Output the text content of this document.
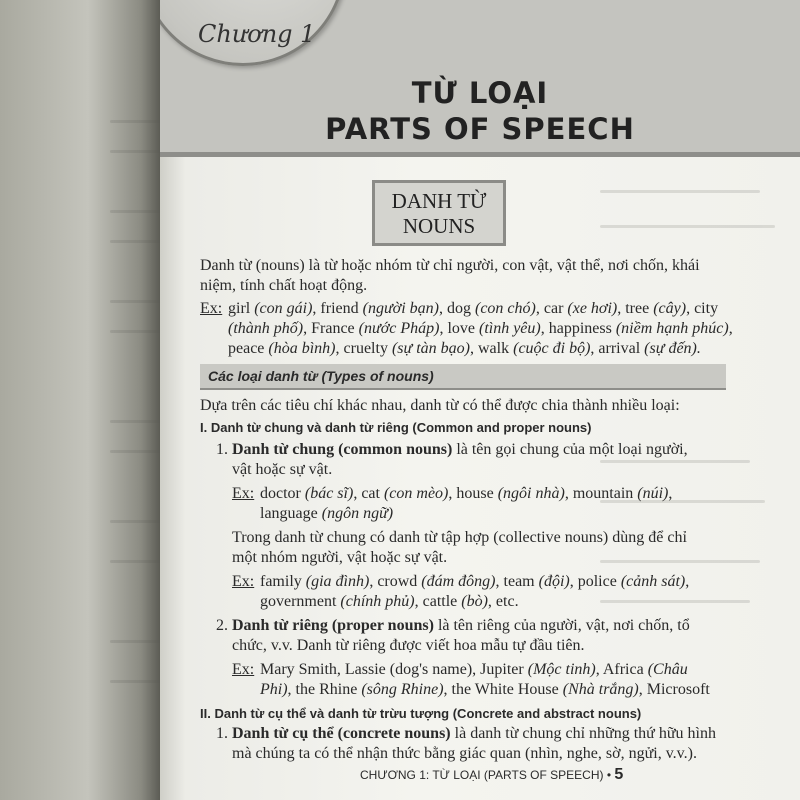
Chương 1
TỪ LOẠI
PARTS OF SPEECH
DANH TỪ
NOUNS
Danh từ (nouns) là từ hoặc nhóm từ chỉ người, con vật, vật thể, nơi chốn, khái
niệm, tính chất hoạt động.
Ex: girl (con gái), friend (người bạn), dog (con chó), car (xe hơi), tree (cây), city
(thành phố), France (nước Pháp), love (tình yêu), happiness (niềm hạnh phúc),
peace (hòa bình), cruelty (sự tàn bạo), walk (cuộc đi bộ), arrival (sự đến).
Các loại danh từ (Types of nouns)
Dựa trên các tiêu chí khác nhau, danh từ có thể được chia thành nhiều loại:
I. Danh từ chung và danh từ riêng (Common and proper nouns)
1. Danh từ chung (common nouns) là tên gọi chung của một loại người,
vật hoặc sự vật.
Ex: doctor (bác sĩ), cat (con mèo), house (ngôi nhà), mountain (núi),
language (ngôn ngữ)
Trong danh từ chung có danh từ tập hợp (collective nouns) dùng để chỉ
một nhóm người, vật hoặc sự vật.
Ex: family (gia đình), crowd (đám đông), team (đội), police (cảnh sát),
government (chính phủ), cattle (bò), etc.
2. Danh từ riêng (proper nouns) là tên riêng của người, vật, nơi chốn, tổ
chức, v.v. Danh từ riêng được viết hoa mẫu tự đầu tiên.
Ex: Mary Smith, Lassie (dog's name), Jupiter (Mộc tinh), Africa (Châu
Phi), the Rhine (sông Rhine), the White House (Nhà trắng), Microsoft
II. Danh từ cụ thể và danh từ trừu tượng (Concrete and abstract nouns)
1. Danh từ cụ thể (concrete nouns) là danh từ chung chỉ những thứ hữu hình
mà chúng ta có thể nhận thức bằng giác quan (nhìn, nghe, sờ, ngửi, v.v.).
CHƯƠNG 1: TỪ LOẠI (PARTS OF SPEECH) • 5
